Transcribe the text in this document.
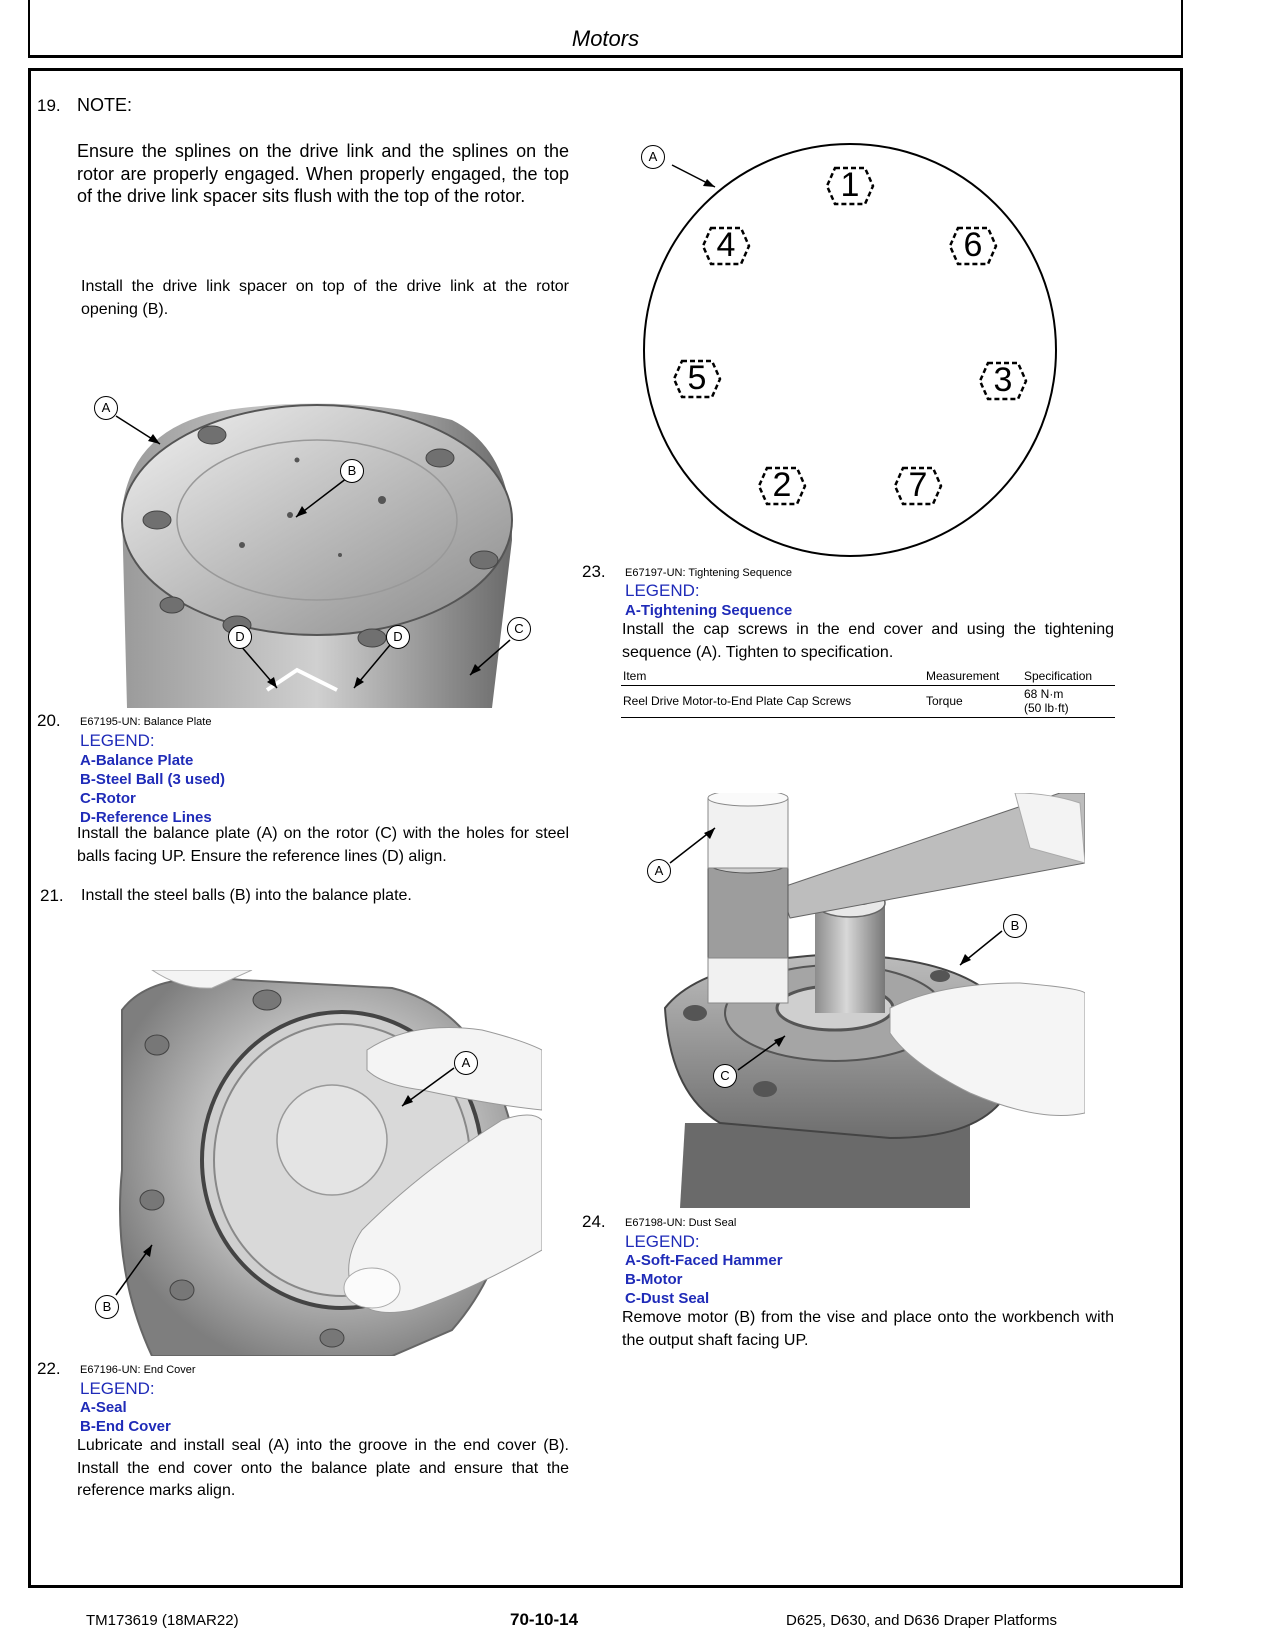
Motors
19. NOTE:
Ensure the splines on the drive link and the splines on the rotor are properly engaged. When properly engaged, the top of the drive link spacer sits flush with the top of the rotor.
Install the drive link spacer on top of the drive link at the rotor opening (B).
A
B
D	D
C
20. E67195-UN: Balance Plate
LEGEND:
A-Balance Plate
B-Steel Ball (3 used)
C-Rotor
D-Reference Lines
Install the balance plate (A) on the rotor (C) with the holes for steel balls facing UP. Ensure the reference lines (D) align.
21. Install the steel balls (B) into the balance plate.
A
B
22. E67196-UN: End Cover
LEGEND:
A-Seal
B-End Cover
Lubricate and install seal (A) into the groove in the end cover (B). Install the end cover onto the balance plate and ensure that the reference marks align.
A
1
4	6
5	3
2	7
23. E67197-UN: Tightening Sequence
LEGEND:
A-Tightening Sequence
Install the cap screws in the end cover and using the tightening sequence (A). Tighten to specification.
Item	Measurement	Specification
Reel Drive Motor-to-End Plate Cap Screws	Torque	68 N·m
(50 lb·ft)
A
B
C
24. E67198-UN: Dust Seal
LEGEND:
A-Soft-Faced Hammer
B-Motor
C-Dust Seal
Remove motor (B) from the vise and place onto the workbench with the output shaft facing UP.
TM173619 (18MAR22)	70-10-14	D625, D630, and D636 Draper Platforms
